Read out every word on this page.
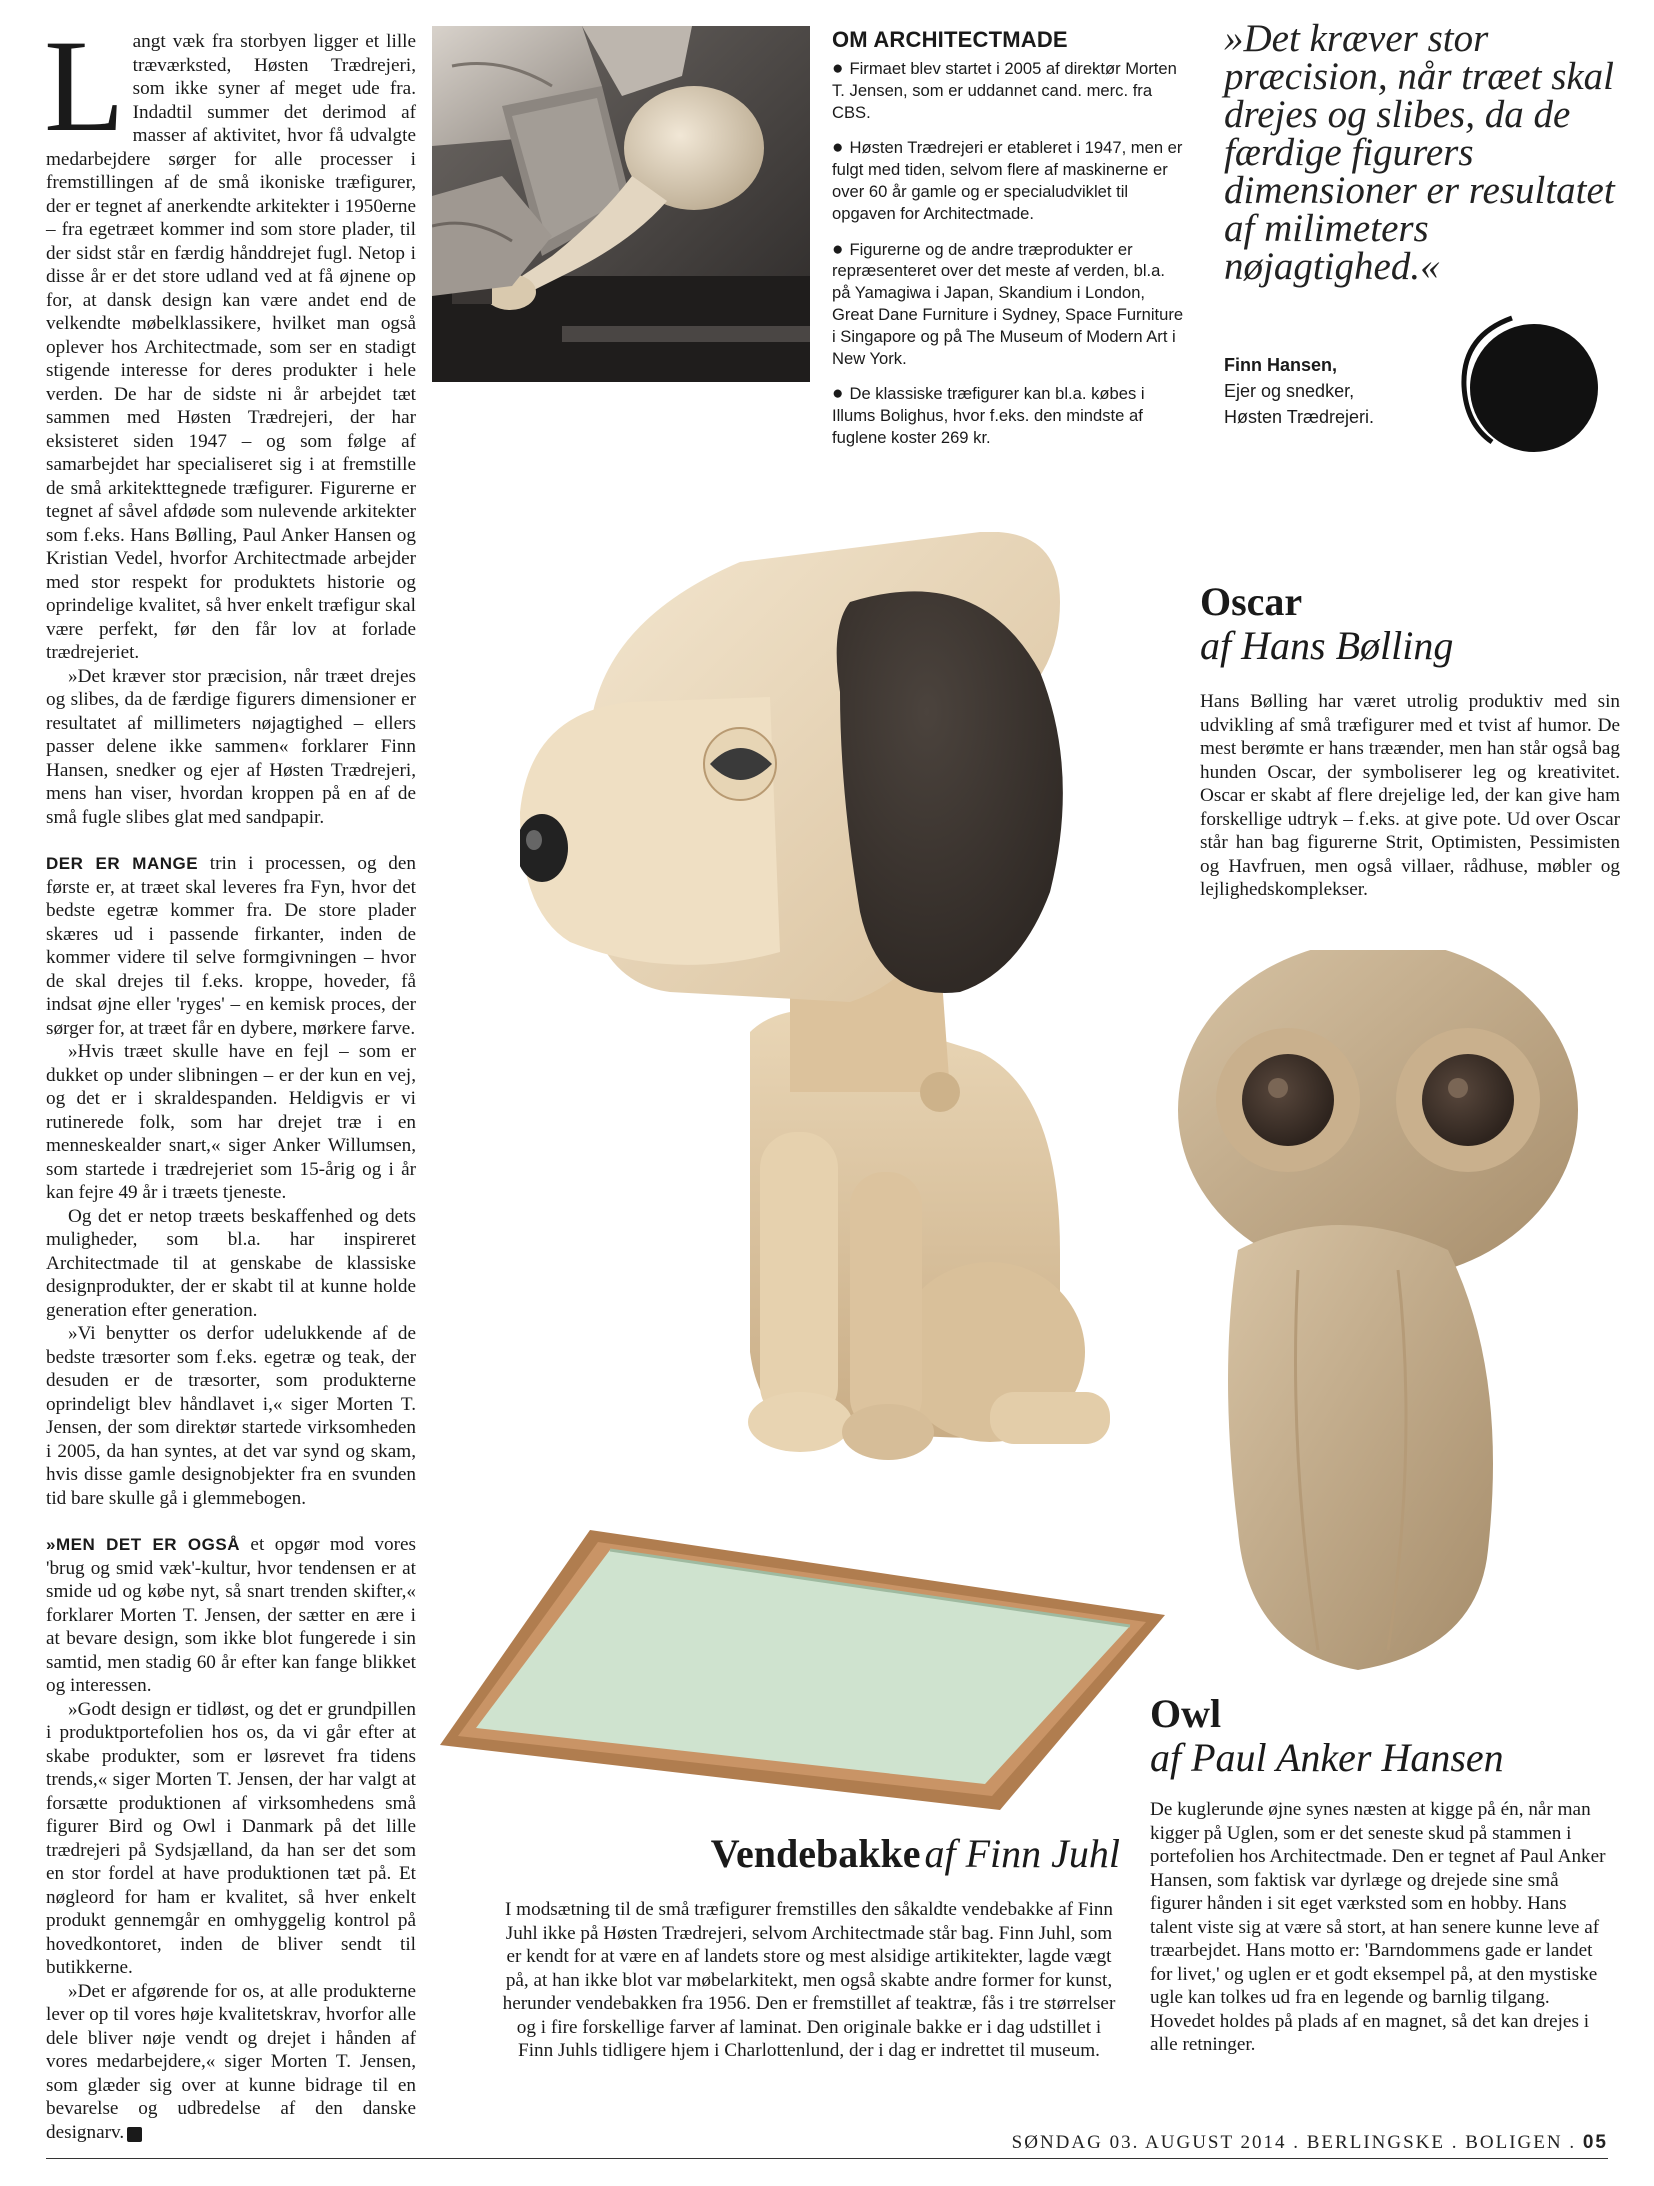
Langt væk fra storbyen ligger et lille træværksted, Høsten Trædrejeri, som ikke syner af meget ude fra. Indadtil summer det derimod af masser af aktivitet, hvor få udvalgte medarbejdere sørger for alle processer i fremstillingen af de små ikoniske træfigurer, der er tegnet af anerkendte arkitekter i 1950erne – fra egetræet kommer ind som store plader, til der sidst står en færdig hånddrejet fugl. Netop i disse år er det store udland ved at få øjnene op for, at dansk design kan være andet end de velkendte møbelklassikere, hvilket man også oplever hos Architectmade, som ser en stadigt stigende interesse for deres produkter i hele verden. De har de sidste ni år arbejdet tæt sammen med Høsten Trædrejeri, der har eksisteret siden 1947 – og som følge af samarbejdet har specialiseret sig i at fremstille de små arkitekttegnede træfigurer. Figurerne er tegnet af såvel afdøde som nulevende arkitekter som f.eks. Hans Bølling, Paul Anker Hansen og Kristian Vedel, hvorfor Architectmade arbejder med stor respekt for produktets historie og oprindelige kvalitet, så hver enkelt træfigur skal være perfekt, før den får lov at forlade trædrejeriet.

»Det kræver stor præcision, når træet drejes og slibes, da de færdige figurers dimensioner er resultatet af millimeters nøjagtighed – ellers passer delene ikke sammen« forklarer Finn Hansen, snedker og ejer af Høsten Trædrejeri, mens han viser, hvordan kroppen på en af de små fugle slibes glat med sandpapir.

DER ER MANGE trin i processen, og den første er, at træet skal leveres fra Fyn, hvor det bedste egetræ kommer fra. De store plader skæres ud i passende firkanter, inden de kommer videre til selve formgivningen – hvor de skal drejes til f.eks. kroppe, hoveder, få indsat øjne eller 'ryges' – en kemisk proces, der sørger for, at træet får en dybere, mørkere farve.

»Hvis træet skulle have en fejl – som er dukket op under slibningen – er der kun en vej, og det er i skraldespanden. Heldigvis er vi rutinerede folk, som har drejet træ i en menneskealder snart,« siger Anker Willumsen, som startede i trædrejeriet som 15-årig og i år kan fejre 49 år i træets tjeneste.

Og det er netop træets beskaffenhed og dets muligheder, som bl.a. har inspireret Architectmade til at genskabe de klassiske designprodukter, der er skabt til at kunne holde generation efter generation.

»Vi benytter os derfor udelukkende af de bedste træsorter som f.eks. egetræ og teak, der desuden er de træsorter, som produkterne oprindeligt blev håndlavet i,« siger Morten T. Jensen, der som direktør startede virksomheden i 2005, da han syntes, at det var synd og skam, hvis disse gamle designobjekter fra en svunden tid bare skulle gå i glemmebogen.

»MEN DET ER OGSÅ et opgør mod vores 'brug og smid væk'-kultur, hvor tendensen er at smide ud og købe nyt, så snart trenden skifter,« forklarer Morten T. Jensen, der sætter en ære i at bevare design, som ikke blot fungerede i sin samtid, men stadig 60 år efter kan fange blikket og interessen.

»Godt design er tidløst, og det er grundpillen i produktportefolien hos os, da vi går efter at skabe produkter, som er løsrevet fra tidens trends,« siger Morten T. Jensen, der har valgt at forsætte produktionen af virksomhedens små figurer Bird og Owl i Danmark på det lille trædrejeri på Sydsjælland, da han ser det som en stor fordel at have produktionen tæt på. Et nøgleord for ham er kvalitet, så hver enkelt produkt gennemgår en omhyggelig kontrol på hovedkontoret, inden de bliver sendt til butikkerne.

»Det er afgørende for os, at alle produkterne lever op til vores høje kvalitetskrav, hvorfor alle dele bliver nøje vendt og drejet i hånden af vores medarbejdere,« siger Morten T. Jensen, som glæder sig over at kunne bidrage til en bevarelse og udbredelse af den danske designarv. B

OM ARCHITECTMADE

● Firmaet blev startet i 2005 af direktør Morten T. Jensen, som er uddannet cand. merc. fra CBS.

● Høsten Trædrejeri er etableret i 1947, men er fulgt med tiden, selvom flere af maskinerne er over 60 år gamle og er specialudviklet til opgaven for Architectmade.

● Figurerne og de andre træprodukter er repræsenteret over det meste af verden, bl.a. på Yamagiwa i Japan, Skandium i London, Great Dane Furniture i Sydney, Space Furniture i Singapore og på The Museum of Modern Art i New York.

● De klassiske træfigurer kan bl.a. købes i Illums Bolighus, hvor f.eks. den mindste af fuglene koster 269 kr.

»Det kræver stor præcision, når træet skal drejes og slibes, da de færdige figurers dimensioner er resultatet af milimeters nøjagtighed.«
Finn Hansen,
Ejer og snedker,
Høsten Trædrejeri.
Oscar
af Hans Bølling
Hans Bølling har været utrolig produktiv med sin udvikling af små træfigurer med et tvist af humor. De mest berømte er hans træænder, men han står også bag hunden Oscar, der symboliserer leg og kreativitet. Oscar er skabt af flere drejelige led, der kan give ham forskellige udtryk – f.eks. at give pote. Ud over Oscar står han bag figurerne Strit, Optimisten, Pessimisten og Havfruen, men også villaer, rådhuse, møbler og lejlighedskomplekser.
Owl
af Paul Anker Hansen
De kuglerunde øjne synes næsten at kigge på én, når man kigger på Uglen, som er det seneste skud på stammen i portefolien hos Architectmade. Den er tegnet af Paul Anker Hansen, som faktisk var dyrlæge og drejede sine små figurer hånden i sit eget værksted som en hobby. Hans talent viste sig at være så stort, at han senere kunne leve af træarbejdet. Hans motto er: 'Barndommens gade er landet for livet,' og uglen er et godt eksempel på, at den mystiske ugle kan tolkes ud fra en legende og barnlig tilgang. Hovedet holdes på plads af en magnet, så det kan drejes i alle retninger.
Vendebakke af Finn Juhl
I modsætning til de små træfigurer fremstilles den såkaldte vendebakke af Finn Juhl ikke på Høsten Trædrejeri, selvom Architectmade står bag. Finn Juhl, som er kendt for at være en af landets store og mest alsidige artikitekter, lagde vægt på, at han ikke blot var møbelarkitekt, men også skabte andre former for kunst, herunder vendebakken fra 1956. Den er fremstillet af teaktræ, fås i tre størrelser og i fire forskellige farver af laminat. Den originale bakke er i dag udstillet i Finn Juhls tidligere hjem i Charlottenlund, der i dag er indrettet til museum.
SØNDAG 03. AUGUST 2014 . BERLINGSKE . BOLIGEN . 05
